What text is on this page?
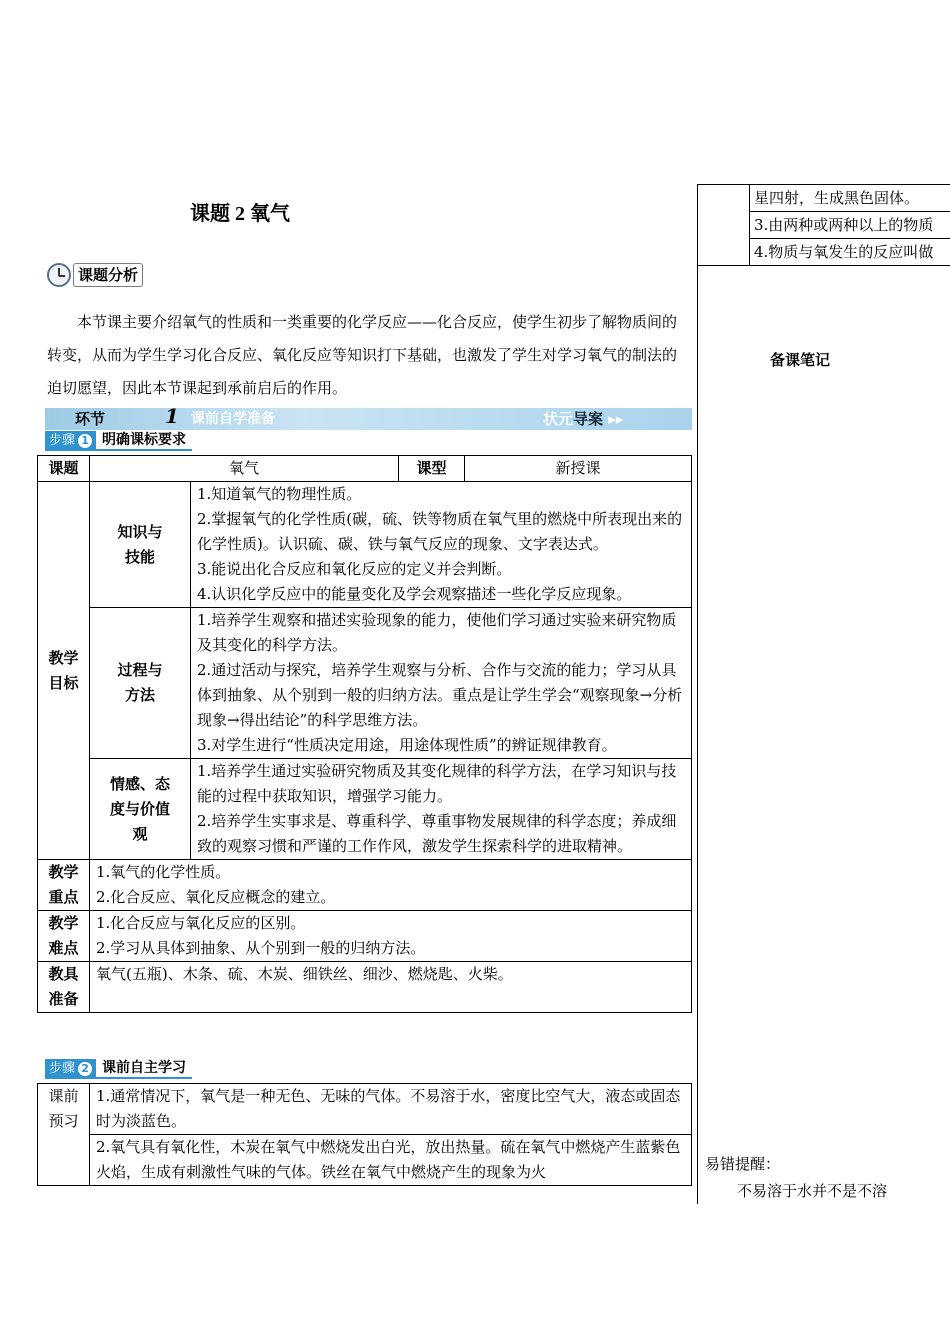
课题 2 氧气
课题分析
本节课主要介绍氧气的性质和一类重要的化学反应——化合反应，使学生初步了解物质间的转变，从而为学生学习化合反应、氧化反应等知识打下基础，也激发了学生对学习氧气的制法的迫切愿望，因此本节课起到承前启后的作用。
环节	1 课前自学准备	状元导案 ▸▸
步骤 1 明确课标要求
课题	氧气		课型	新授课
教学目标	知识与技能	1.知道氧气的物理性质。
2.掌握氧气的化学性质(碳，硫、铁等物质在氧气里的燃烧中所表现出来的化学性质)。认识硫、碳、铁与氧气反应的现象、文字表达式。
3.能说出化合反应和氧化反应的定义并会判断。
4.认识化学反应中的能量变化及学会观察描述一些化学反应现象。		

	过程与方法	1.培养学生观察和描述实验现象的能力，使他们学习通过实验来研究物质及其变化的科学方法。
2.通过活动与探究，培养学生观察与分析、合作与交流的能力；学习从具体到抽象、从个别到一般的归纳方法。重点是让学生学会“观察现象→分析现象→得出结论”的科学思维方法。
3.对学生进行“性质决定用途，用途体现性质”的辨证规律教育。		

	情感、态度与价值观	1.培养学生通过实验研究物质及其变化规律的科学方法，在学习知识与技能的过程中获取知识，增强学习能力。
2.培养学生实事求是、尊重科学、尊重事物发展规律的科学态度；养成细致的观察习惯和严谨的工作作风，激发学生探索科学的进取精神。		

教学重点	1.氧气的化学性质。
2.化合反应、氧化反应概念的建立。			

教学难点	1.化合反应与氧化反应的区别。
2.学习从具体到抽象、从个别到一般的归纳方法。			

教具准备	氧气(五瓶)、木条、硫、木炭、细铁丝、细沙、燃烧匙、火柴。			
步骤 2 课前自主学习
课前预习	1.通常情况下，氧气是一种无色、无味的气体。不易溶于水，密度比空气大，液态或固态时为淡蓝色。
2.氧气具有氧化性，木炭在氧气中燃烧发出白光，放出热量。硫在氧气中燃烧产生蓝紫色火焰，生成有刺激性气味的气体。铁丝在氧气中燃烧产生的现象为火
	星四射，生成黑色固体。
3.由两种或两种以上的物质
4.物质与氧发生的反应叫做
备课笔记
易错提醒：
不易溶于水并不是不溶
